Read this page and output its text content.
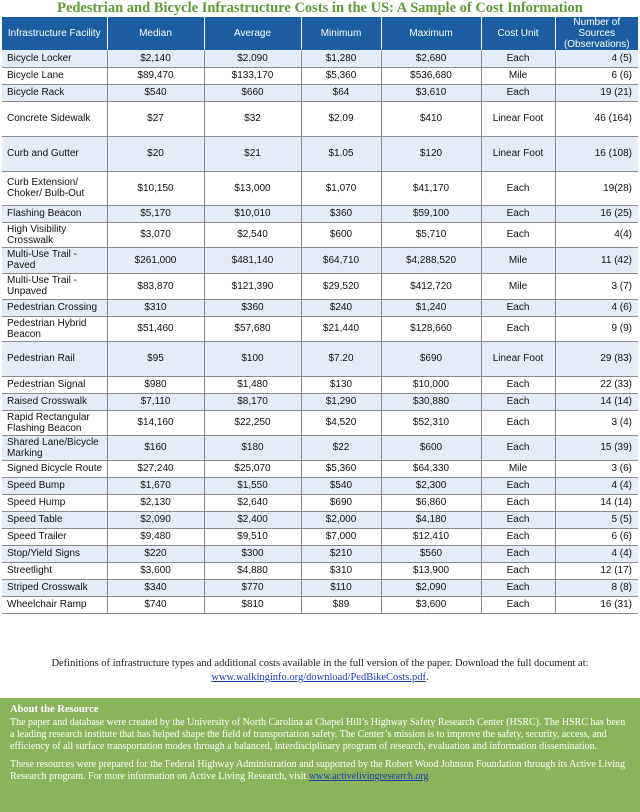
Pedestrian and Bicycle Infrastructure Costs in the US: A Sample of Cost Information
Infrastructure Facility	Median	Average	Minimum	Maximum	Cost Unit	Number of Sources (Observations)
Bicycle Locker	$2,140	$2,090	$1,280	$2,680	Each	4 (5)
Bicycle Lane	$89,470	$133,170	$5,360	$536,680	Mile	6 (6)
Bicycle Rack	$540	$660	$64	$3,610	Each	19 (21)
Concrete Sidewalk	$27	$32	$2.09	$410	Linear Foot	46 (164)
Curb and Gutter	$20	$21	$1.05	$120	Linear Foot	16 (108)
Curb Extension/ Choker/ Bulb-Out	$10,150	$13,000	$1,070	$41,170	Each	19(28)
Flashing Beacon	$5,170	$10,010	$360	$59,100	Each	16 (25)
High Visibility Crosswalk	$3,070	$2,540	$600	$5,710	Each	4(4)
Multi-Use Trail - Paved	$261,000	$481,140	$64,710	$4,288,520	Mile	11 (42)
Multi-Use Trail - Unpaved	$83,870	$121,390	$29,520	$412,720	Mile	3 (7)
Pedestrian Crossing	$310	$360	$240	$1,240	Each	4 (6)
Pedestrian Hybrid Beacon	$51,460	$57,680	$21,440	$128,660	Each	9 (9)
Pedestrian Rail	$95	$100	$7.20	$690	Linear Foot	29 (83)
Pedestrian Signal	$980	$1,480	$130	$10,000	Each	22 (33)
Raised Crosswalk	$7,110	$8,170	$1,290	$30,880	Each	14 (14)
Rapid Rectangular Flashing Beacon	$14,160	$22,250	$4,520	$52,310	Each	3 (4)
Shared Lane/Bicycle Marking	$160	$180	$22	$600	Each	15 (39)
Signed Bicycle Route	$27,240	$25,070	$5,360	$64,330	Mile	3 (6)
Speed Bump	$1,670	$1,550	$540	$2,300	Each	4 (4)
Speed Hump	$2,130	$2,640	$690	$6,860	Each	14 (14)
Speed Table	$2,090	$2,400	$2,000	$4,180	Each	5 (5)
Speed Trailer	$9,480	$9,510	$7,000	$12,410	Each	6 (6)
Stop/Yield Signs	$220	$300	$210	$560	Each	4 (4)
Streetlight	$3,600	$4,880	$310	$13,900	Each	12 (17)
Striped Crosswalk	$340	$770	$110	$2,090	Each	8 (8)
Wheelchair Ramp	$740	$810	$89	$3,600	Each	16 (31)
Definitions of infrastructure types and additional costs available in the full version of the paper. Download the full document at:
www.walkinginfo.org/download/PedBikeCosts.pdf.
About the Resource

The paper and database were created by the University of North Carolina at Chapel Hill’s Highway Safety Research Center (HSRC). The HSRC has been a leading research institute that has helped shape the field of transportation safety. The Center’s mission is to improve the safety, security, access, and efficiency of all surface transportation modes through a balanced, interdisciplinary program of research, evaluation and information dissemination.

These resources were prepared for the Federal Highway Administration and supported by the Robert Wood Johnson Foundation through its Active Living Research program. For more information on Active Living Research, visit www.activelivingresearch.org
